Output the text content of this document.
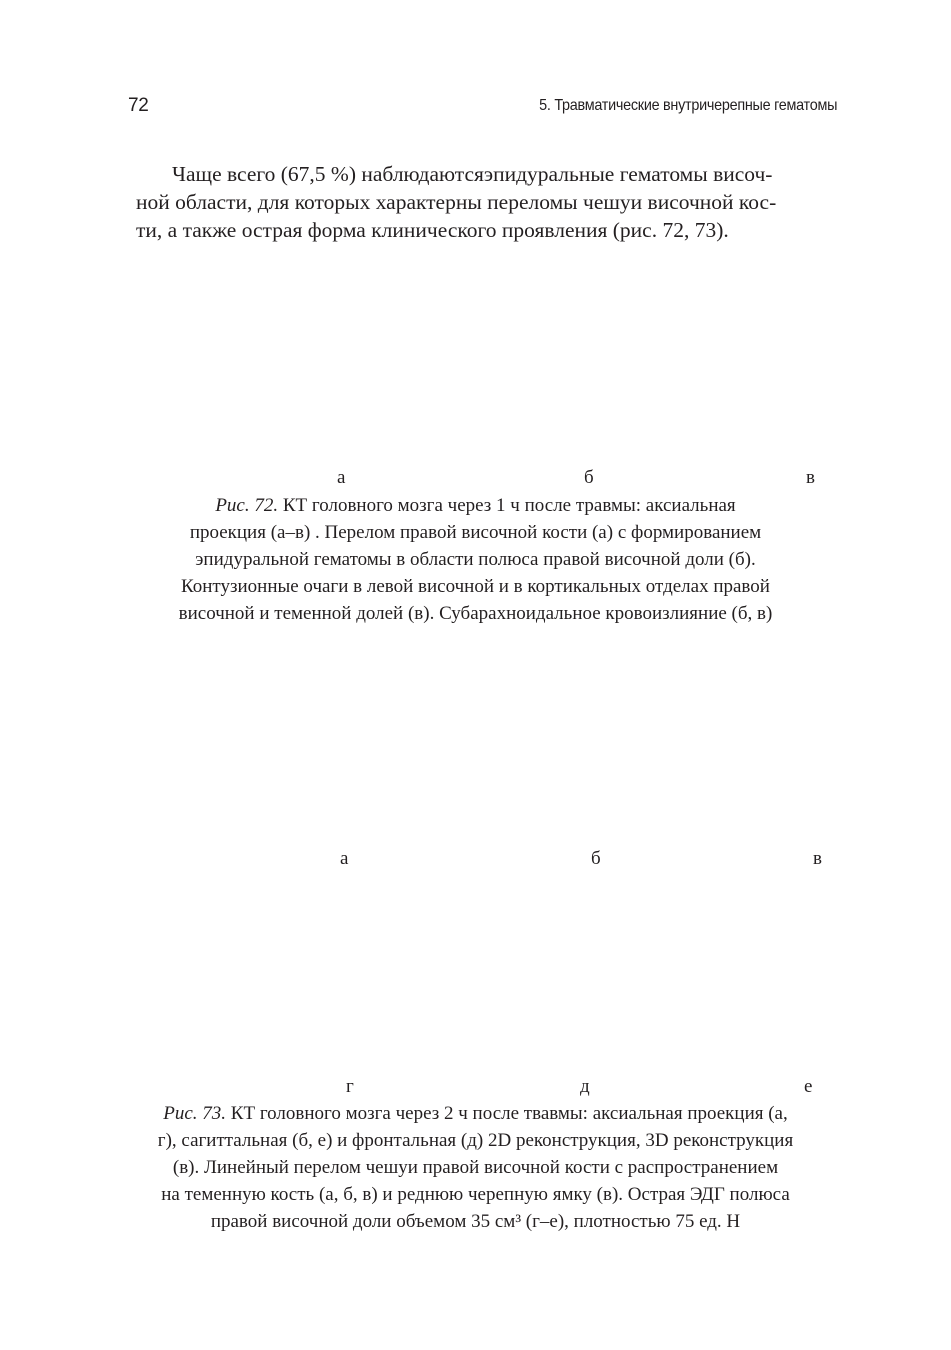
72	5. Травматические внутричерепные гематомы
Чаще всего (67,5 %) наблюдаютсяэпидуральные гематомы височ-
ной области, для которых характерны переломы чешуи височной кос-
ти, а также острая форма клинического проявления (рис. 72, 73).
а	б	в
Рис. 72. КТ головного мозга через 1 ч после травмы: аксиальная
проекция (а–в) . Перелом правой височной кости (а) с формированием
эпидуральной гематомы в области полюса правой височной доли (б).
Контузионные очаги в левой височной и в кортикальных отделах правой
височной и теменной долей (в). Субарахноидальное кровоизлияние (б, в)
а	б	в
г	д	е
Рис. 73. КТ головного мозга через 2 ч после твавмы: аксиальная проекция (а,
г), сагиттальная (б, е) и фронтальная (д) 2D реконструкция, 3D реконструкция
(в). Линейный перелом чешуи правой височной кости с распространением
на теменную кость (а, б, в) и реднюю черепную ямку (в). Острая ЭДГ полюса
правой височной доли объемом 35 см³ (г–е), плотностью 75 ед. Н
